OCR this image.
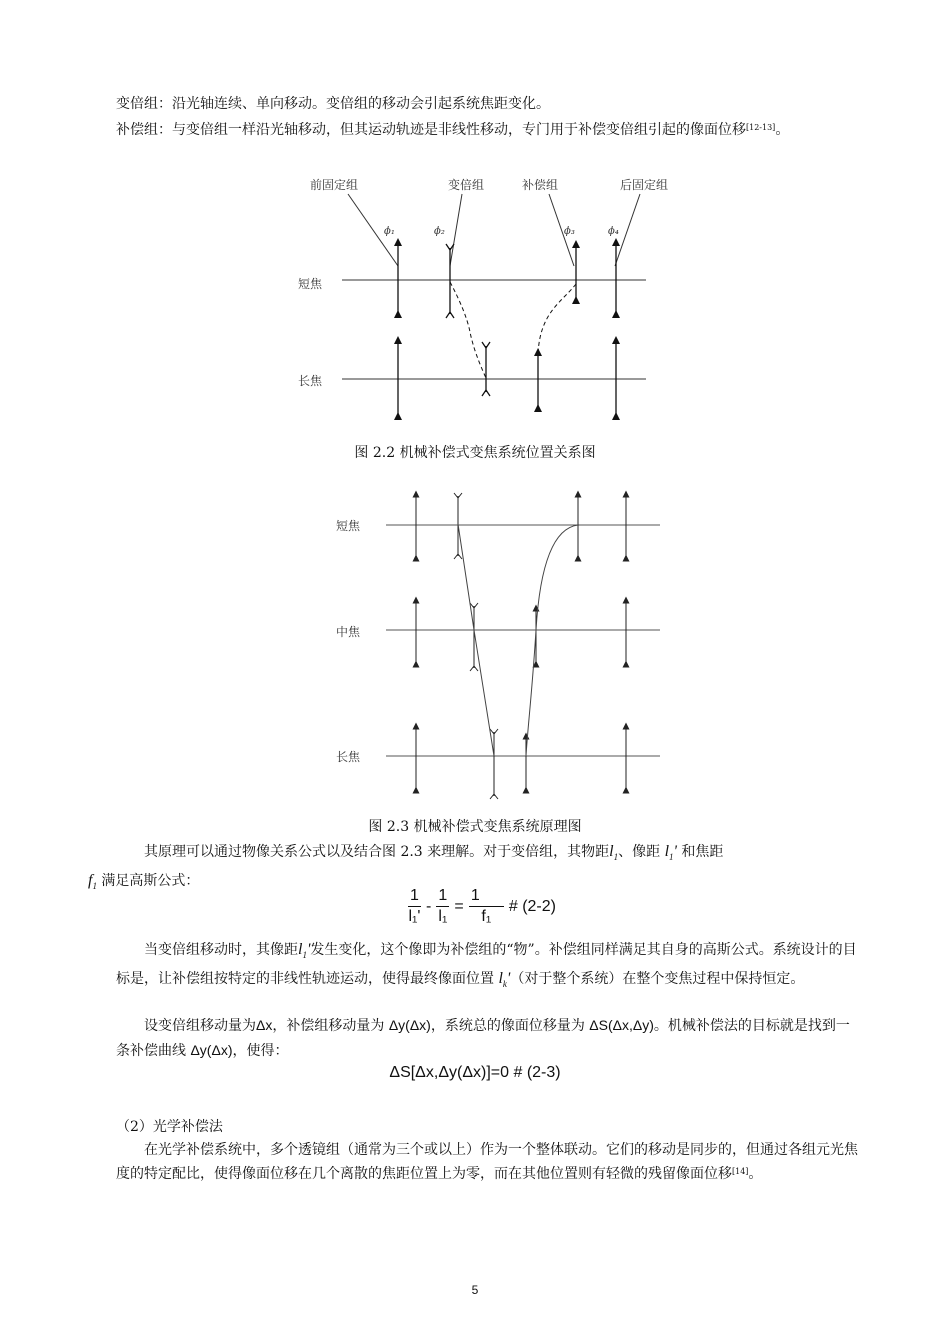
变倍组：沿光轴连续、单向移动。变倍组的移动会引起系统焦距变化。
补偿组：与变倍组一样沿光轴移动，但其运动轨迹是非线性移动，专门用于补偿变倍组引起的像面位移[12-13]。
前固定组	变倍组	补偿组	后固定组
ϕ₁	ϕ₂	ϕ₃	ϕ₄
短焦
长焦
图 2.2 机械补偿式变焦系统位置关系图
短焦
中焦
长焦
图 2.3 机械补偿式变焦系统原理图
其原理可以通过物像关系公式以及结合图 2.3 来理解。对于变倍组，其物距$l_1$、像距 $l_1'$ 和焦距
$f_1$ 满足高斯公式：
$\frac{1}{\text{l₁'}} - \frac{1}{\text{l₁}} = \frac{1}{\text{f₁}}$ # (2-2)
当变倍组移动时，其像距$l_1'$发生变化，这个像即为补偿组的“物”。补偿组同样满足其自身的高斯公式。系统设计的目标是，让补偿组按特定的非线性轨迹运动，使得最终像面位置 $l_k'$（对于整个系统）在整个变焦过程中保持恒定。
设变倍组移动量为Δx，补偿组移动量为 Δy(Δx)，系统总的像面位移量为 ΔS(Δx,Δy)。机械补偿法的目标就是找到一条补偿曲线 Δy(Δx)，使得：
ΔS[Δx,Δy(Δx)]=0 # (2-3)
（2）光学补偿法
在光学补偿系统中，多个透镜组（通常为三个或以上）作为一个整体联动。它们的移动是同步的，但通过各组元光焦度的特定配比，使得像面位移在几个离散的焦距位置上为零，而在其他位置则有轻微的残留像面位移[14]。
5
